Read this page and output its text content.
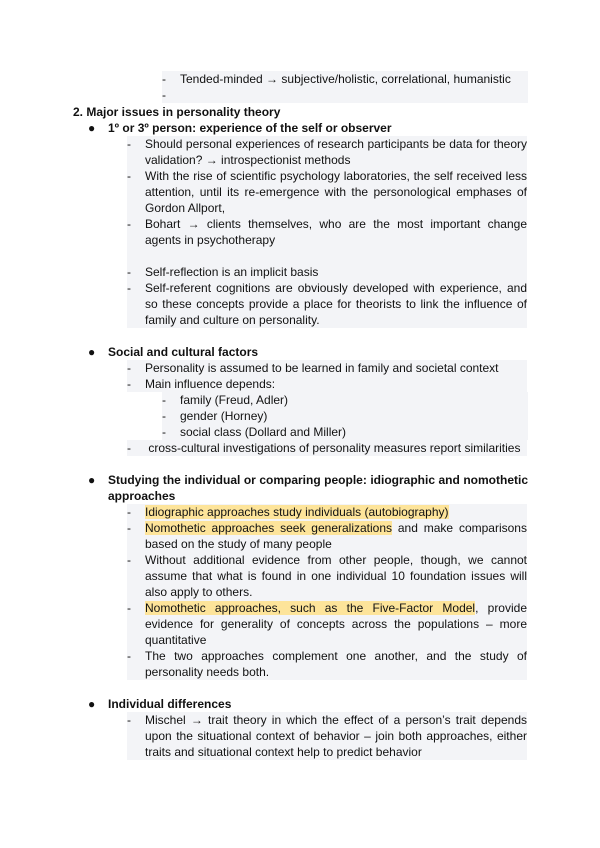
-	Tended-minded → subjective/holistic, correlational, humanistic
-
2. Major issues in personality theory
●	1º or 3º person: experience of the self or observer
-	Should personal experiences of research participants be data for theory validation? → introspectionist methods
-	With the rise of scientific psychology laboratories, the self received less attention, until its re-emergence with the personological emphases of Gordon Allport,
-	Bohart → clients themselves, who are the most important change agents in psychotherapy
-	Self-reflection is an implicit basis
-	Self-referent cognitions are obviously developed with experience, and so these concepts provide a place for theorists to link the influence of family and culture on personality.
●	Social and cultural factors
-	Personality is assumed to be learned in family and societal context
-	Main influence depends:
-	family (Freud, Adler)
-	gender (Horney)
-	social class (Dollard and Miller)
-	cross-cultural investigations of personality measures report similarities
●	Studying the individual or comparing people: idiographic and nomothetic approaches
-	Idiographic approaches study individuals (autobiography)
-	Nomothetic approaches seek generalizations and make comparisons based on the study of many people
-	Without additional evidence from other people, though, we cannot assume that what is found in one individual 10 foundation issues will also apply to others.
-	Nomothetic approaches, such as the Five-Factor Model, provide evidence for generality of concepts across the populations – more quantitative
-	The two approaches complement one another, and the study of personality needs both.
●	Individual differences
-	Mischel → trait theory in which the effect of a person’s trait depends upon the situational context of behavior – join both approaches, either traits and situational context help to predict behavior
